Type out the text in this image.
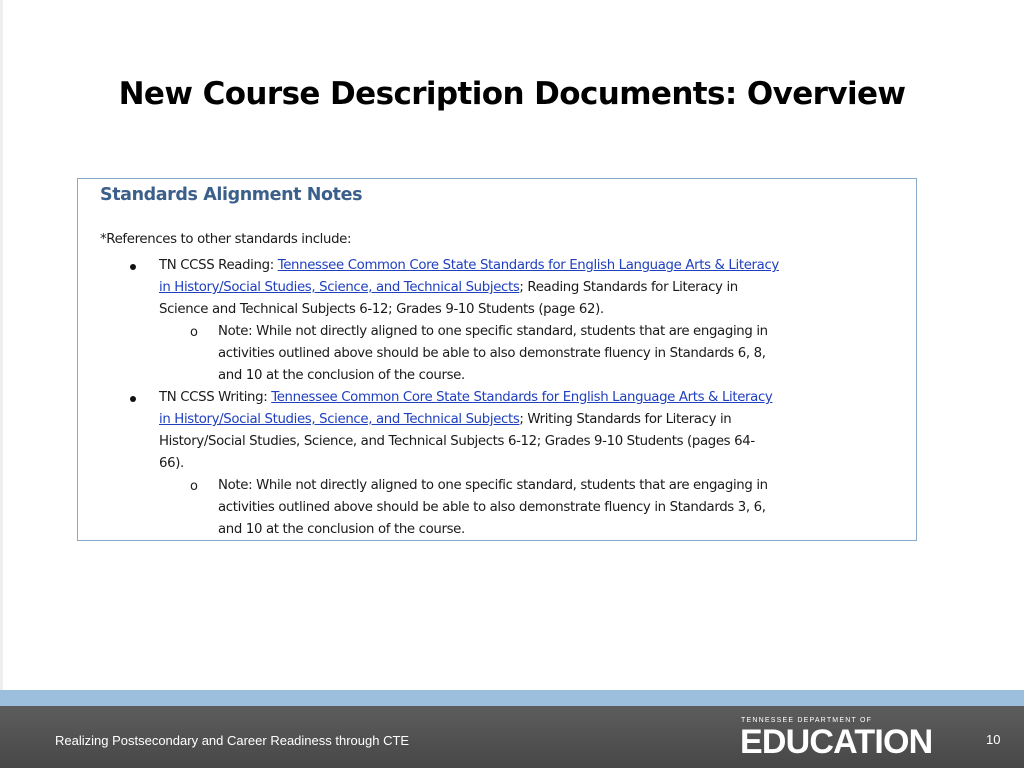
New Course Description Documents: Overview
Standards Alignment Notes
*References to other standards include:
TN CCSS Reading: Tennessee Common Core State Standards for English Language Arts & Literacy
in History/Social Studies, Science, and Technical Subjects; Reading Standards for Literacy in
Science and Technical Subjects 6-12; Grades 9-10 Students (page 62).
o Note: While not directly aligned to one specific standard, students that are engaging in
activities outlined above should be able to also demonstrate fluency in Standards 6, 8,
and 10 at the conclusion of the course.
TN CCSS Writing: Tennessee Common Core State Standards for English Language Arts & Literacy
in History/Social Studies, Science, and Technical Subjects; Writing Standards for Literacy in
History/Social Studies, Science, and Technical Subjects 6-12; Grades 9-10 Students (pages 64-
66).
o Note: While not directly aligned to one specific standard, students that are engaging in
activities outlined above should be able to also demonstrate fluency in Standards 3, 6,
and 10 at the conclusion of the course.
Realizing Postsecondary and Career Readiness through CTE
TENNESSEE DEPARTMENT OF
EDUCATION	10
